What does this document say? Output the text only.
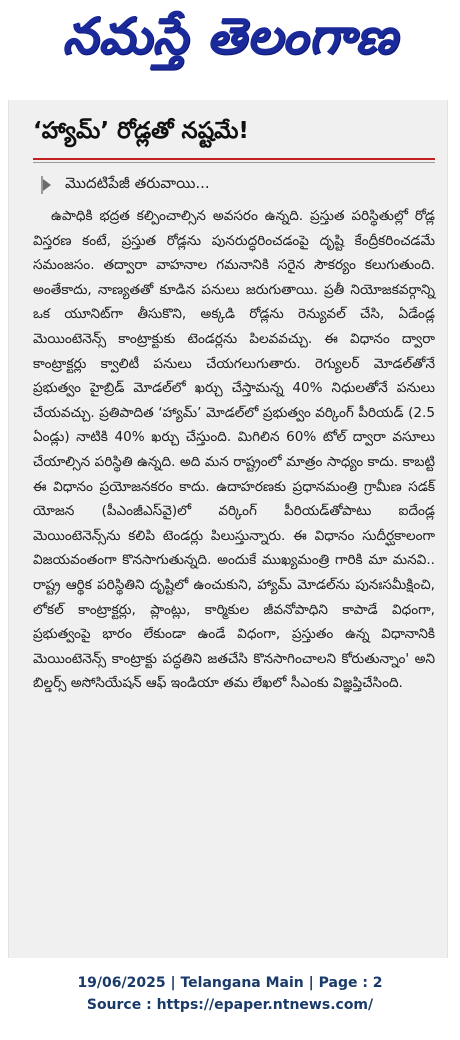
నమస్తే తెలంగాణ
‘హ్యామ్’ రోడ్లతో నష్టమే!
మొదటిపేజీ తరువాయి...
ఉపాధికి భద్రత కల్పించాల్సిన అవసరం ఉన్నది. ప్రస్తుత పరిస్థితుల్లో రోడ్ల విస్తరణ కంటే, ప్రస్తుత రోడ్లను పునరుద్ధరించడంపై దృష్టి కేంద్రీకరించడమే సమంజసం. తద్వారా వాహనాల గమనానికి సరైన సౌకర్యం కలుగుతుంది. అంతేకాదు, నాణ్యతతో కూడిన పనులు జరుగుతాయి. ప్రతీ నియోజకవర్గాన్ని ఒక యూనిట్‌గా తీసుకొని, అక్కడి రోడ్లను రెన్యువల్ చేసి, ఏడేండ్ల మెయింటెనెన్స్ కాంట్రాక్టుకు టెండర్లను పిలవవచ్చు. ఈ విధానం ద్వారా కాంట్రాక్టర్లు క్వాలిటీ పనులు చేయగలుగుతారు. రెగ్యులర్ మోడల్‌తోనే ప్రభుత్వం హైబ్రిడ్ మోడల్‌లో ఖర్చు చేస్తామన్న 40% నిధులతోనే పనులు చేయవచ్చు. ప్రతిపాదిత ‘హ్యామ్’ మోడల్‌లో ప్రభుత్వం వర్కింగ్ పీరియడ్ (2.5 ఏండ్లు) నాటికి 40% ఖర్చు చేస్తుంది. మిగిలిన 60% టోల్ ద్వారా వసూలు చేయాల్సిన పరిస్థితి ఉన్నది. అది మన రాష్ట్రంలో మాత్రం సాధ్యం కాదు. కాబట్టి ఈ విధానం ప్రయోజనకరం కాదు. ఉదాహరణకు ప్రధానమంత్రి గ్రామీణ సడక్ యోజన (పీఎంజీఎస్‌వై)లో వర్కింగ్ పీరియడ్‌తోపాటు ఐదేండ్ల మెయింటెనెన్స్‌ను కలిపి టెండర్లు పిలుస్తున్నారు. ఈ విధానం సుదీర్ఘకాలంగా విజయవంతంగా కొనసాగుతున్నది. అందుకే ముఖ్యమంత్రి గారికి మా మనవి.. రాష్ట్ర ఆర్థిక పరిస్థితిని దృష్టిలో ఉంచుకుని, హ్యామ్ మోడల్‌ను పునఃసమీక్షించి, లోకల్ కాంట్రాక్టర్లు, ప్లాంట్లు, కార్మికుల జీవనోపాధిని కాపాడే విధంగా, ప్రభుత్వంపై భారం లేకుండా ఉండే విధంగా, ప్రస్తుతం ఉన్న విధానానికి మెయింటెనెన్స్ కాంట్రాక్టు పద్ధతిని జతచేసి కొనసాగించాలని కోరుతున్నాం' అని బిల్డర్స్ అసోసియేషన్ ఆఫ్ ఇండియా తమ లేఖలో సీఎంకు విజ్ఞప్తిచేసింది.
19/06/2025 | Telangana Main | Page : 2
Source : https://epaper.ntnews.com/
